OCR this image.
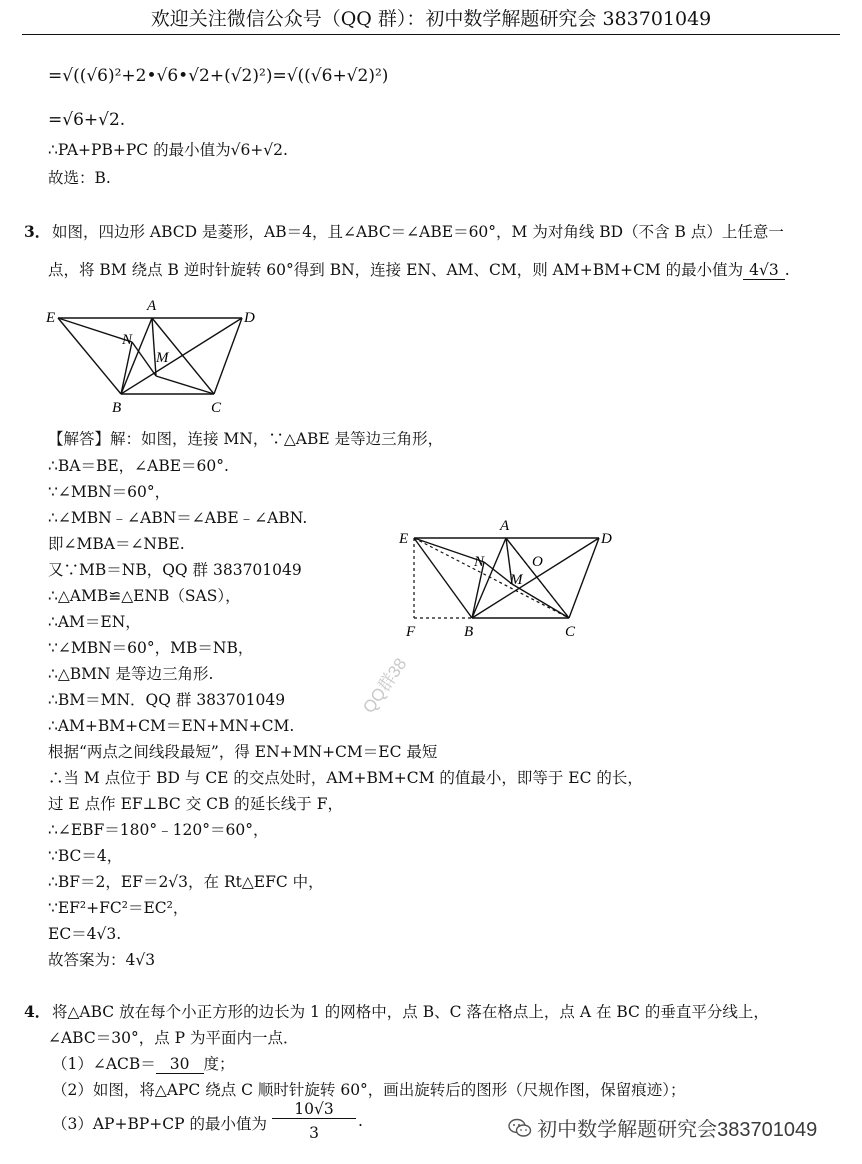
欢迎关注微信公众号（QQ 群）：初中数学解题研究会 383701049
=√((√6)²+2•√6•√2+(√2)²)=√((√6+√2)²)
=√6+√2.
∴PA+PB+PC 的最小值为√6+√2.
故选：B.
3． 如图，四边形 ABCD 是菱形，AB＝4，且∠ABC＝∠ABE＝60°，M 为对角线 BD（不含 B 点）上任意一
点，将 BM 绕点 B 逆时针旋转 60°得到 BN，连接 EN、AM、CM，则 AM+BM+CM 的最小值为 4√3 .
E
A
D
N
M
B	C
【解答】解：如图，连接 MN，∵△ABE 是等边三角形，
∴BA＝BE，∠ABE＝60°.
∵∠MBN＝60°，
∴∠MBN﹣∠ABN＝∠ABE﹣∠ABN.
即∠MBA＝∠NBE.
又∵MB＝NB，QQ 群 383701049
∴△AMB≌△ENB（SAS），
∴AM＝EN，
∵∠MBN＝60°，MB＝NB，
∴△BMN 是等边三角形.
∴BM＝MN．QQ 群 383701049
∴AM+BM+CM＝EN+MN+CM.
根据“两点之间线段最短”，得 EN+MN+CM＝EC 最短
∴当 M 点位于 BD 与 CE 的交点处时，AM+BM+CM 的值最小，即等于 EC 的长，
过 E 点作 EF⊥BC 交 CB 的延长线于 F，
∴∠EBF＝180°﹣120°＝60°，
∵BC＝4，
∴BF＝2，EF＝2√3，在 Rt△EFC 中，
∵EF²+FC²＝EC²，
EC＝4√3.
故答案为：4√3
E
A
D
N	O
M
F	B	C
QQ群38
4． 将△ABC 放在每个小正方形的边长为 1 的网格中，点 B、C 落在格点上，点 A 在 BC 的垂直平分线上，
∠ABC＝30°，点 P 为平面内一点．
（1）∠ACB＝ 30 度；
（2）如图，将△APC 绕点 C 顺时针旋转 60°，画出旋转后的图形（尺规作图，保留痕迹）；
（3）AP+BP+CP 的最小值为
10√3
3
.	初中数学解题研究会383701049
